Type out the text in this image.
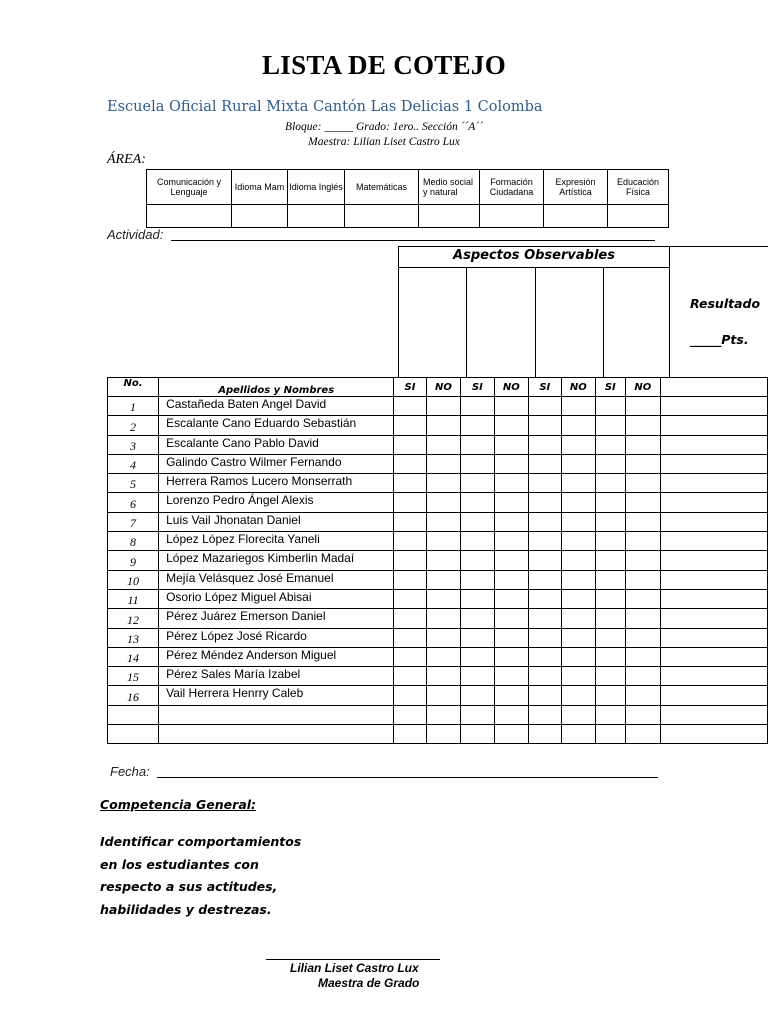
LISTA DE COTEJO
Escuela Oficial Rural Mixta Cantón Las Delicias 1 Colomba
Bloque: _____ Grado: 1ero.. Sección ´´A´´
Maestra: Lilian Liset Castro Lux
ÁREA:
Comunicación y Lenguaje	Idioma Mam	Idioma Inglés	Matemáticas	Medio social y natural	Formación Ciudadana	Expresión Artística	Educación Física

Actividad:
Aspectos Observables
Resultado
_____Pts.
No.	Apellidos y Nombres	SI	NO	SI	NO	SI	NO	SI	NO	
1	Castañeda Baten Angel David									
2	Escalante Cano Eduardo Sebastián									
3	Escalante Cano Pablo David									
4	Galindo Castro Wilmer Fernando									
5	Herrera Ramos Lucero Monserrath									
6	Lorenzo Pedro Ángel Alexis									
7	Luis Vail Jhonatan Daniel									
8	López López Florecita Yaneli									
9	López Mazariegos Kimberlin Madaí									
10	Mejía Velásquez José Emanuel									
11	Osorio López Miguel Abisai									
12	Pérez Juárez Emerson Daniel									
13	Pérez López José Ricardo									
14	Pérez Méndez Anderson Miguel									
15	Pérez Sales María Izabel									
16	Vail Herrera Henrry Caleb									

Fecha:
Competencia General:
Identificar comportamientos en los estudiantes con respecto a sus actitudes, habilidades y destrezas.
Lilian Liset Castro Lux
Maestra de Grado
